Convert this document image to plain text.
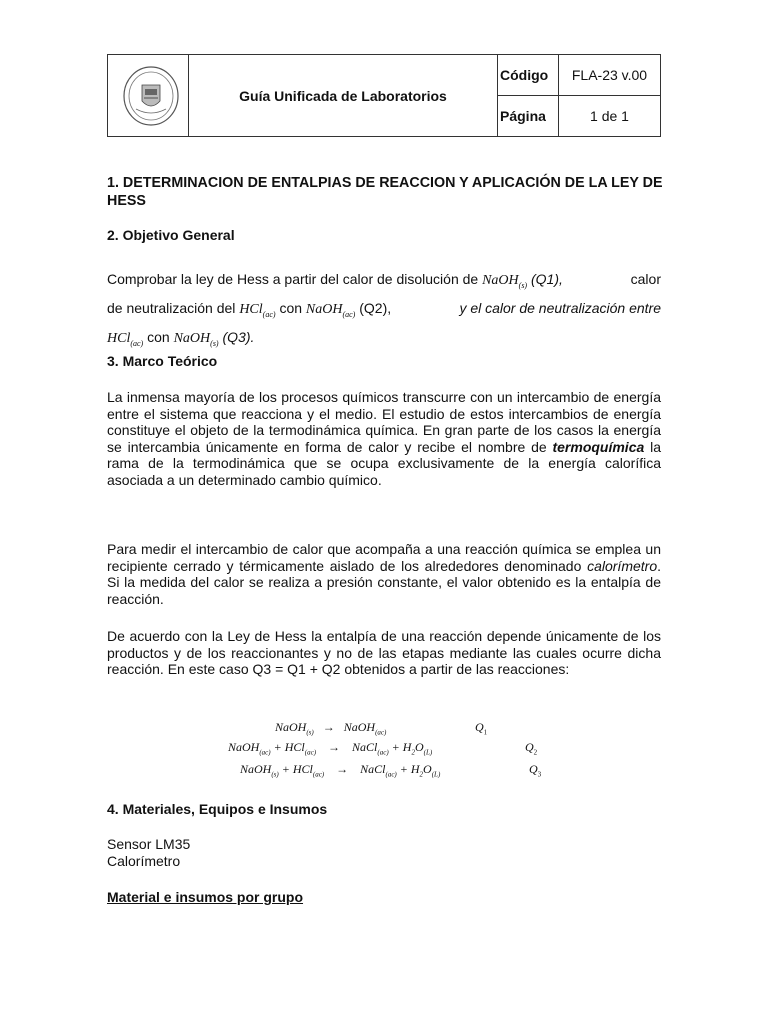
Guía Unificada de Laboratorios
Código	FLA-23 v.00
Página	1 de 1
1. DETERMINACION DE ENTALPIAS DE REACCION Y APLICACIÓN DE LA LEY DE HESS
2. Objetivo General
Comprobar la ley de Hess a partir del calor de disolución de NaOH$_{(s)}$ (Q1),	calor
de neutralización del HCl$_{(ac)}$ con NaOH$_{(ac)}$ (Q2),	y el calor de neutralización entre
HCl$_{(ac)}$ con NaOH$_{(s)}$ (Q3).
3. Marco Teórico
La inmensa mayoría de los procesos químicos transcurre con un intercambio de energía entre el sistema que reacciona y el medio. El estudio de estos intercambios de energía constituye el objeto de la termodinámica química. En gran parte de los casos la energía se intercambia únicamente en forma de calor y recibe el nombre de termoquímica la rama de la termodinámica que se ocupa exclusivamente de la energía calorífica asociada a un determinado cambio químico.
Para medir el intercambio de calor que acompaña a una reacción química se emplea un recipiente cerrado y térmicamente aislado de los alrededores denominado calorímetro. Si la medida del calor se realiza a presión constante, el valor obtenido es la entalpía de reacción.
De acuerdo con la Ley de Hess la entalpía de una reacción depende únicamente de los productos y de los reaccionantes y no de las etapas mediante las cuales ocurre dicha reacción. En este caso Q3 = Q1 + Q2 obtenidos a partir de las reacciones:
NaOH$_{(s)}$   →   NaOH$_{(ac)}$	$Q_1$
NaOH$_{(ac)}$ + HCl$_{(ac)}$    →    NaCl$_{(ac)}$ + $H_2O_{(L)}$	$Q_2$
NaOH$_{(s)}$ + HCl$_{(ac)}$    →    NaCl$_{(ac)}$ + $H_2O_{(L)}$	$Q_3$
4. Materiales, Equipos e Insumos
Sensor LM35
Calorímetro
Material e insumos por grupo
